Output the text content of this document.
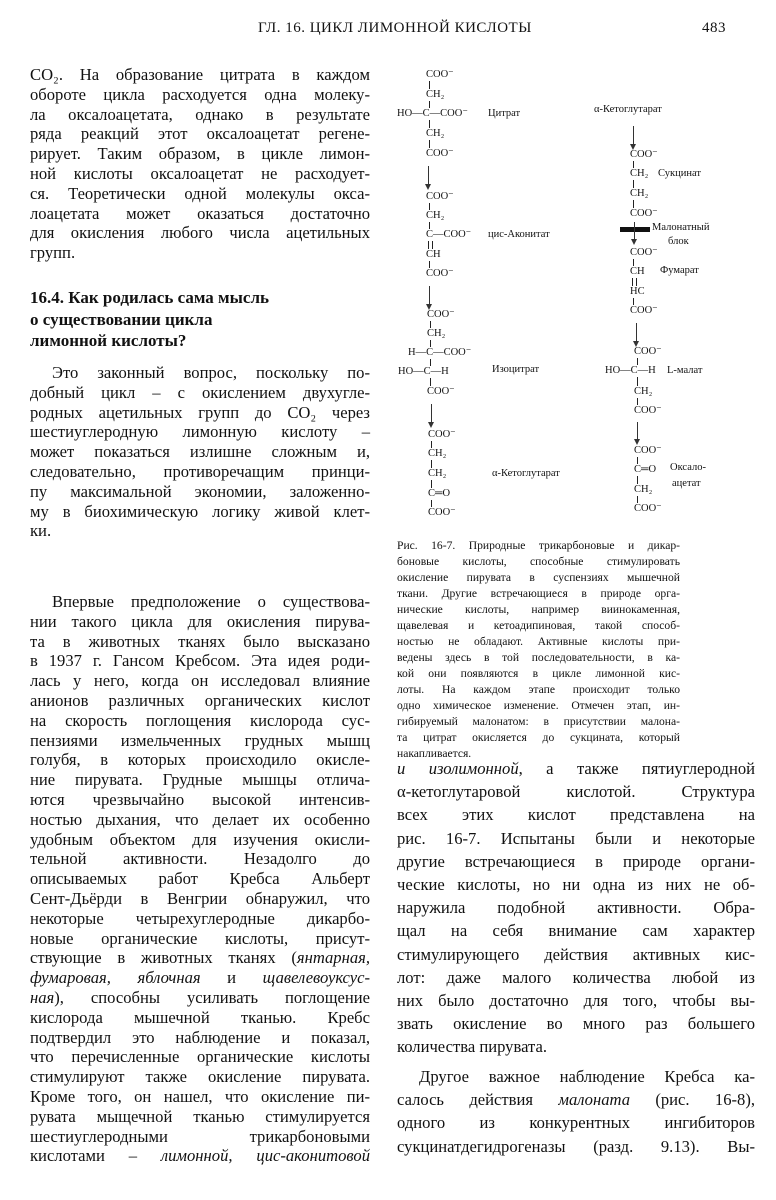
ГЛ. 16. ЦИКЛ ЛИМОННОЙ КИСЛОТЫ	483
CO₂. На образование цитрата в каждом
обороте цикла расходуется одна молеку-
ла оксалоацетата, однако в результате
ряда реакций этот оксалоацетат регене-
рирует. Таким образом, в цикле лимон-
ной кислоты оксалоацетат не расходует-
ся. Теоретически одной молекулы окса-
лоацетата может оказаться достаточно
для окисления любого числа ацетильных
групп.
16.4. Как родилась сама мысль
о существовании цикла
лимонной кислоты?
Это законный вопрос, поскольку по-
добный цикл – с окислением двухугле-
родных ацетильных групп до CO₂ через
шестиуглеродную лимонную кислоту –
может показаться излишне сложным и,
следовательно, противоречащим принци-
пу максимальной экономии, заложенно-
му в биохимическую логику живой клет-
ки.
Впервые предположение о существова-
нии такого цикла для окисления пирува-
та в животных тканях было высказано
в 1937 г. Гансом Кребсом. Эта идея роди-
лась у него, когда он исследовал влияние
анионов различных органических кислот
на скорость поглощения кислорода сус-
пензиями измельченных грудных мышц
голубя, в которых происходило окисле-
ние пирувата. Грудные мышцы отлича-
ются чрезвычайно высокой интенсив-
ностью дыхания, что делает их особенно
удобным объектом для изучения окисли-
тельной активности. Незадолго до
описываемых работ Кребса Альберт
Сент-Дьёрди в Венгрии обнаружил, что
некоторые четырехуглеродные дикарбо-
новые органические кислоты, присут-
ствующие в животных тканях (янтарная,
фумаровая, яблочная и щавелевоуксус-
ная), способны усиливать поглощение
кислорода мышечной тканью. Кребс
подтвердил это наблюдение и показал,
что перечисленные органические кислоты
стимулируют также окисление пирувата.
Кроме того, он нашел, что окисление пи-
рувата мыщечной тканью стимулируется
шестиуглеродными трикарбоновыми
кислотами – лимонной, цис-аконитовой
COO⁻
CH₂
HO—C—COO⁻
CH₂
COO⁻
Цитрат
COO⁻
CH₂
C—COO⁻
CH
COO⁻
цис-Аконитат
COO⁻
CH₂
H—C—COO⁻
HO—C—H
COO⁻
Изоцитрат
COO⁻
CH₂
CH₂
C═O
COO⁻
α-Кетоглутарат
α-Кетоглутарат
COO⁻
CH₂
CH₂
COO⁻
Сукцинат
Малонатный
блок
COO⁻
CH
HC
COO⁻
Фумарат
COO⁻
HO—C—H
CH₂
COO⁻
L-малат
COO⁻
C═O
CH₂
COO⁻
Оксало-
ацетат
Рис. 16-7. Природные трикарбоновые и дикар-
боновые кислоты, способные стимулировать
окисление пирувата в суспензиях мышечной
ткани. Другие встречающиеся в природе орга-
нические кислоты, например виинокаменная,
щавелевая и кетоадипиновая, такой способ-
ностью не обладают. Активные кислоты при-
ведены здесь в той последовательности, в ка-
кой они появляются в цикле лимонной кис-
лоты. На каждом этапе происходит только
одно химическое изменение. Отмечен этап, ин-
гибируемый малонатом: в присутствии малона-
та цитрат окисляется до сукцината, который
накапливается.
и изолимонной, а также пятиуглеродной
α-кетоглутаровой кислотой. Структура
всех этих кислот представлена на
рис. 16-7. Испытаны были и некоторые
другие встречающиеся в природе органи-
ческие кислоты, но ни одна из них не об-
наружила подобной активности. Обра-
щал на себя внимание сам характер
стимулирующего действия активных кис-
лот: даже малого количества любой из
них было достаточно для того, чтобы вы-
звать окисление во много раз большего
количества пирувата.
Другое важное наблюдение Кребса ка-
салось действия малоната (рис. 16-8),
одного из конкурентных ингибиторов
сукцинатдегидрогеназы (разд. 9.13). Вы-
